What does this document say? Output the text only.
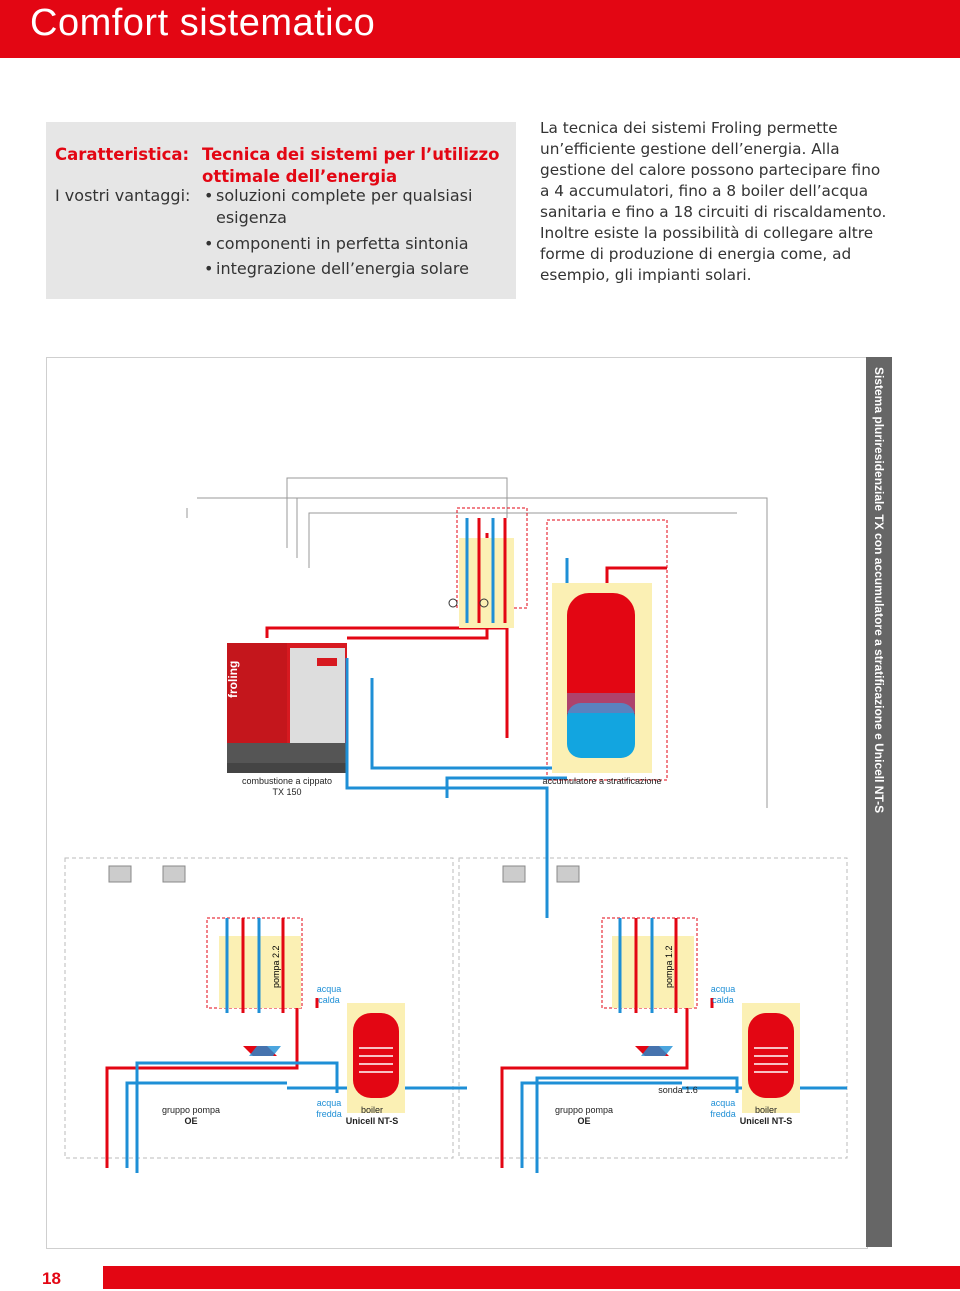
Comfort sistematico
Caratteristica: Tecnica dei sistemi per l’utilizzo ottimale dell’energia
I vostri vantaggi: • soluzioni complete per qualsiasi esigenza
• componenti in perfetta sintonia
• integrazione dell’energia solare
La tecnica dei sistemi Froling permette un’efficiente gestione dell’energia. Alla gestione del calore possono partecipare fino a 4 accumulatori, fino a 8 boiler dell’acqua sanitaria e fino a 18 circuiti di riscaldamento. Inoltre esiste la possibilità di collegare altre forme di produzione di energia come, ad esempio, gli impianti solari.
froling
pompa 2.2	pompa 1.2
combustione a cippato
TX 150
accumulatore a stratificazione
acqua
calda
acqua
calda
acqua
fredda
acqua
fredda
gruppo pompa
OE
gruppo pompa
OE
boiler
Unicell NT-S
boiler
Unicell NT-S
sonda 1.6
Sistema pluriresidenziale TX con accumulatore a stratificazione e Unicell NT-S
18
